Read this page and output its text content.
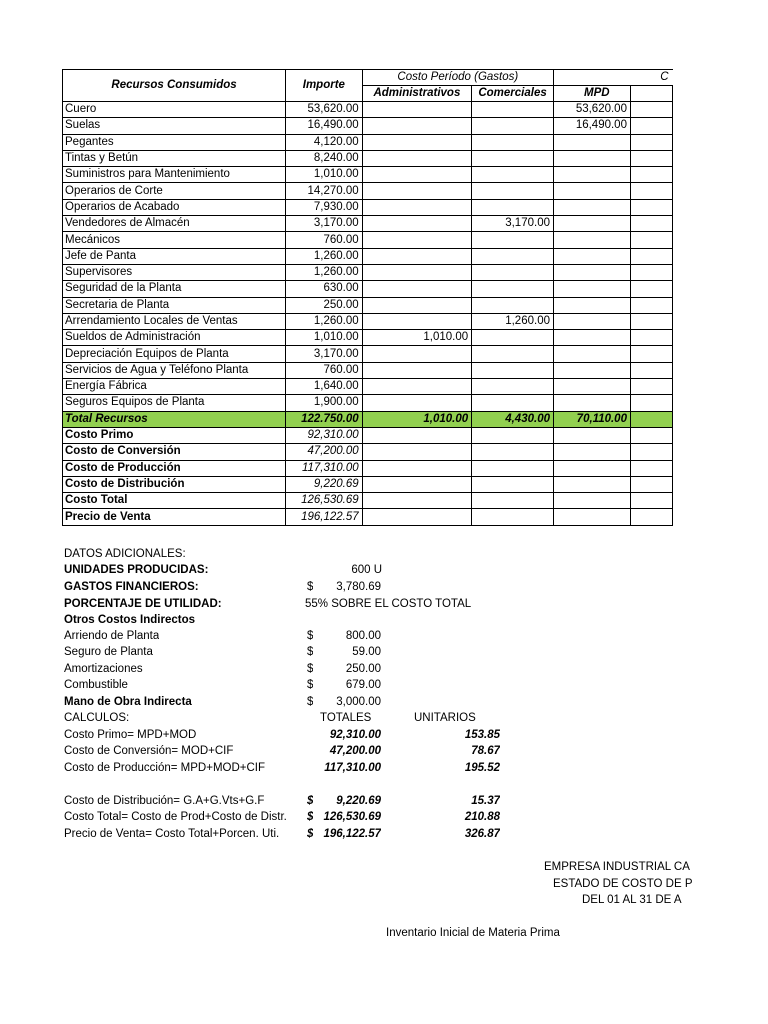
Recursos Consumidos	Importe	Costo Período (Gastos)		C	
		Administrativos	Comerciales	MPD	
Cuero	53,620.00			53,620.00	
Suelas	16,490.00			16,490.00	
Pegantes	4,120.00				
Tintas y Betún	8,240.00				
Suministros para Mantenimiento	1,010.00				
Operarios de Corte	14,270.00				
Operarios de Acabado	7,930.00				
Vendedores de Almacén	3,170.00		3,170.00		
Mecánicos	760.00				
Jefe de Panta	1,260.00				
Supervisores	1,260.00				
Seguridad de la Planta	630.00				
Secretaria de Planta	250.00				
Arrendamiento Locales de Ventas	1,260.00		1,260.00		
Sueldos de Administración	1,010.00	1,010.00			
Depreciación Equipos de Planta	3,170.00				
Servicios de Agua y Teléfono Planta	760.00				
Energía Fábrica	1,640.00				
Seguros Equipos de Planta	1,900.00				
Total Recursos	122.750.00	1,010.00	4,430.00	70,110.00	
Costo Primo	92,310.00				
Costo de Conversión	47,200.00				
Costo de Producción	117,310.00				
Costo de Distribución	9,220.69				
Costo Total	126,530.69				
Precio de Venta	196,122.57				
DATOS ADICIONALES:
UNIDADES PRODUCIDAS:	600 U
GASTOS FINANCIEROS:	$	3,780.69
PORCENTAJE DE UTILIDAD:	55% SOBRE EL COSTO TOTAL
Otros Costos Indirectos
Arriendo de Planta	$	800.00
Seguro de Planta	$	59.00
Amortizaciones	$	250.00
Combustible	$	679.00
Mano de Obra Indirecta	$	3,000.00
CALCULOS:	TOTALES	UNITARIOS
Costo Primo= MPD+MOD	92,310.00	153.85
Costo de Conversión= MOD+CIF	47,200.00	78.67
Costo de Producción= MPD+MOD+CIF	117,310.00	195.52
Costo de Distribución= G.A+G.Vts+G.F	$	9,220.69	15.37
Costo Total= Costo de Prod+Costo de Distr. $ 126,530.69	210.88
Precio de Venta= Costo Total+Porcen. Uti. $ 196,122.57	326.87
EMPRESA INDUSTRIAL CA
ESTADO DE COSTO DE P
DEL 01 AL 31 DE A
Inventario Inicial de Materia Prima
